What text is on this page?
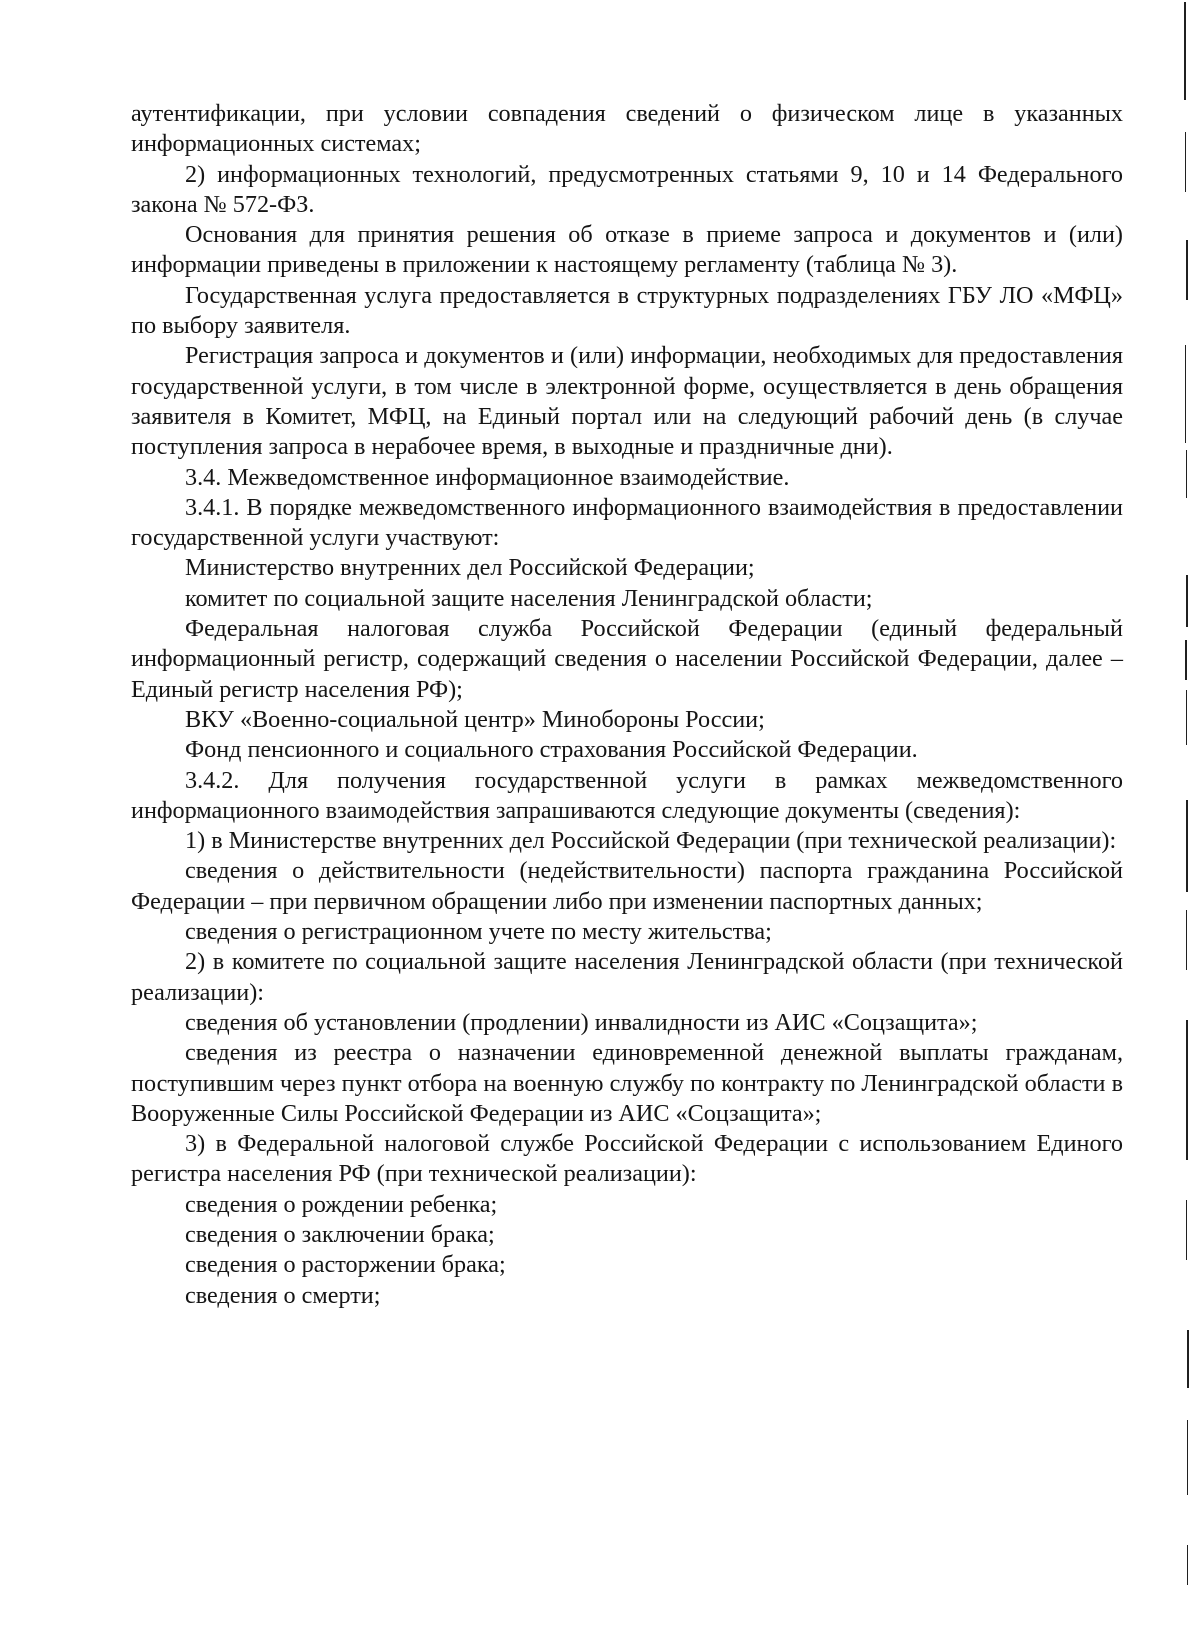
аутентификации, при условии совпадения сведений о физическом лице в указанных информационных системах;

2) информационных технологий, предусмотренных статьями 9, 10 и 14 Федерального закона № 572-ФЗ.

Основания для принятия решения об отказе в приеме запроса и документов и (или) информации приведены в приложении к настоящему регламенту (таблица № 3).

Государственная услуга предоставляется в структурных подразделениях ГБУ ЛО «МФЦ» по выбору заявителя.

Регистрация запроса и документов и (или) информации, необходимых для предоставления государственной услуги, в том числе в электронной форме, осуществляется в день обращения заявителя в Комитет, МФЦ, на Единый портал или на следующий рабочий день (в случае поступления запроса в нерабочее время, в выходные и праздничные дни).

3.4. Межведомственное информационное взаимодействие.

3.4.1. В порядке межведомственного информационного взаимодействия в предоставлении государственной услуги участвуют:

Министерство внутренних дел Российской Федерации;

комитет по социальной защите населения Ленинградской области;

Федеральная налоговая служба Российской Федерации (единый федеральный информационный регистр, содержащий сведения о населении Российской Федерации, далее – Единый регистр населения РФ);

ВКУ «Военно-социальной центр» Минобороны России;

Фонд пенсионного и социального страхования Российской Федерации.

3.4.2. Для получения государственной услуги в рамках межведомственного информационного взаимодействия запрашиваются следующие документы (сведения):

1) в Министерстве внутренних дел Российской Федерации (при технической реализации):

сведения о действительности (недействительности) паспорта гражданина Российской Федерации – при первичном обращении либо при изменении паспортных данных;

сведения о регистрационном учете по месту жительства;

2) в комитете по социальной защите населения Ленинградской области (при технической реализации):

сведения об установлении (продлении) инвалидности из АИС «Соцзащита»;

сведения из реестра о назначении единовременной денежной выплаты гражданам, поступившим через пункт отбора на военную службу по контракту по Ленинградской области в Вооруженные Силы Российской Федерации из АИС «Соцзащита»;

3) в Федеральной налоговой службе Российской Федерации с использованием Единого регистра населения РФ (при технической реализации):

сведения о рождении ребенка;

сведения о заключении брака;

сведения о расторжении брака;

сведения о смерти;
